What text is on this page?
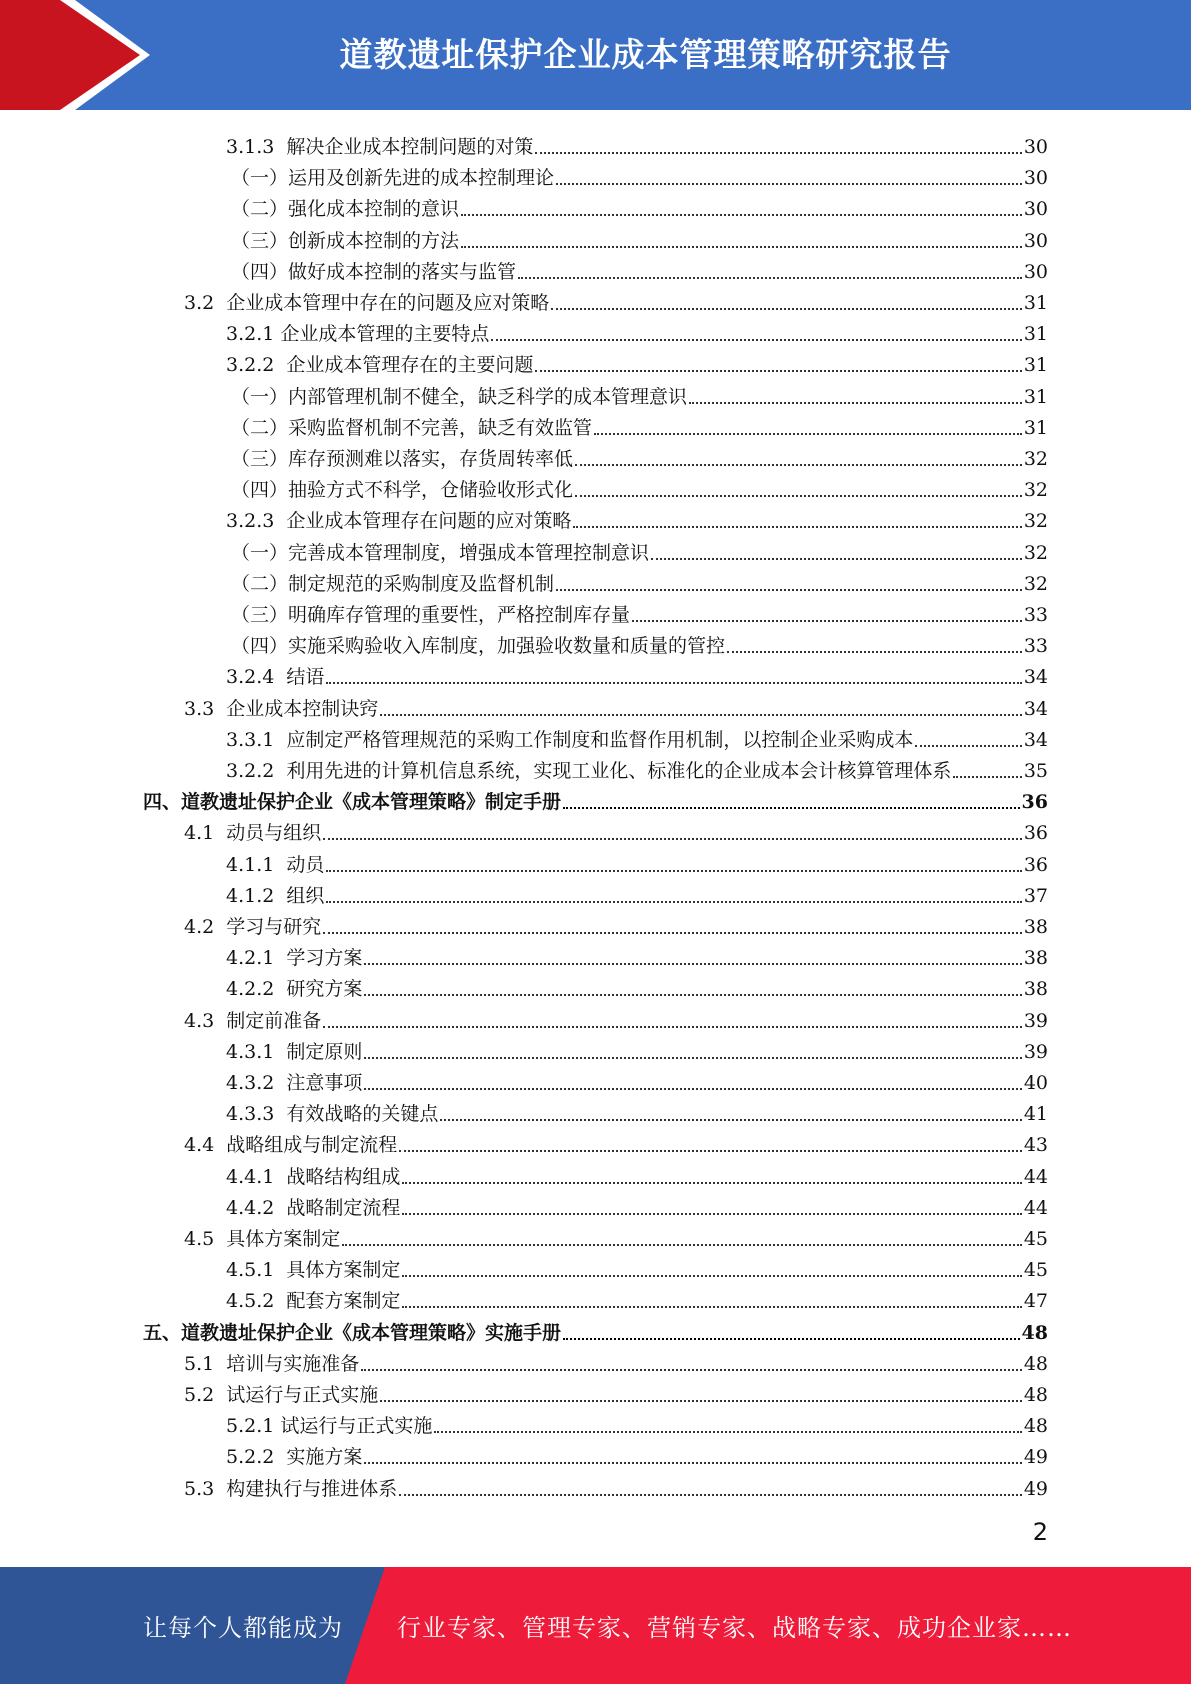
道教遗址保护企业成本管理策略研究报告
3.1.3  解决企业成本控制问题的对策	30
（一）运用及创新先进的成本控制理论	30
（二）强化成本控制的意识	30
（三）创新成本控制的方法	30
（四）做好成本控制的落实与监管	30
3.2  企业成本管理中存在的问题及应对策略	31
3.2.1 企业成本管理的主要特点	31
3.2.2  企业成本管理存在的主要问题	31
（一）内部管理机制不健全，缺乏科学的成本管理意识	31
（二）采购监督机制不完善，缺乏有效监管	31
（三）库存预测难以落实，存货周转率低	32
（四）抽验方式不科学，仓储验收形式化	32
3.2.3  企业成本管理存在问题的应对策略	32
（一）完善成本管理制度，增强成本管理控制意识	32
（二）制定规范的采购制度及监督机制	32
（三）明确库存管理的重要性，严格控制库存量	33
（四）实施采购验收入库制度，加强验收数量和质量的管控	33
3.2.4  结语	34
3.3  企业成本控制诀窍	34
3.3.1  应制定严格管理规范的采购工作制度和监督作用机制，以控制企业采购成本	34
3.2.2  利用先进的计算机信息系统，实现工业化、标准化的企业成本会计核算管理体系	35
四、道教遗址保护企业《成本管理策略》制定手册	36
4.1  动员与组织	36
4.1.1  动员	36
4.1.2  组织	37
4.2  学习与研究	38
4.2.1  学习方案	38
4.2.2  研究方案	38
4.3  制定前准备	39
4.3.1  制定原则	39
4.3.2  注意事项	40
4.3.3  有效战略的关键点	41
4.4  战略组成与制定流程	43
4.4.1  战略结构组成	44
4.4.2  战略制定流程	44
4.5  具体方案制定	45
4.5.1  具体方案制定	45
4.5.2  配套方案制定	47
五、道教遗址保护企业《成本管理策略》实施手册	48
5.1  培训与实施准备	48
5.2  试运行与正式实施	48
5.2.1 试运行与正式实施	48
5.2.2  实施方案	49
5.3  构建执行与推进体系	49
2
让每个人都能成为 行业专家、管理专家、营销专家、战略专家、成功企业家……
